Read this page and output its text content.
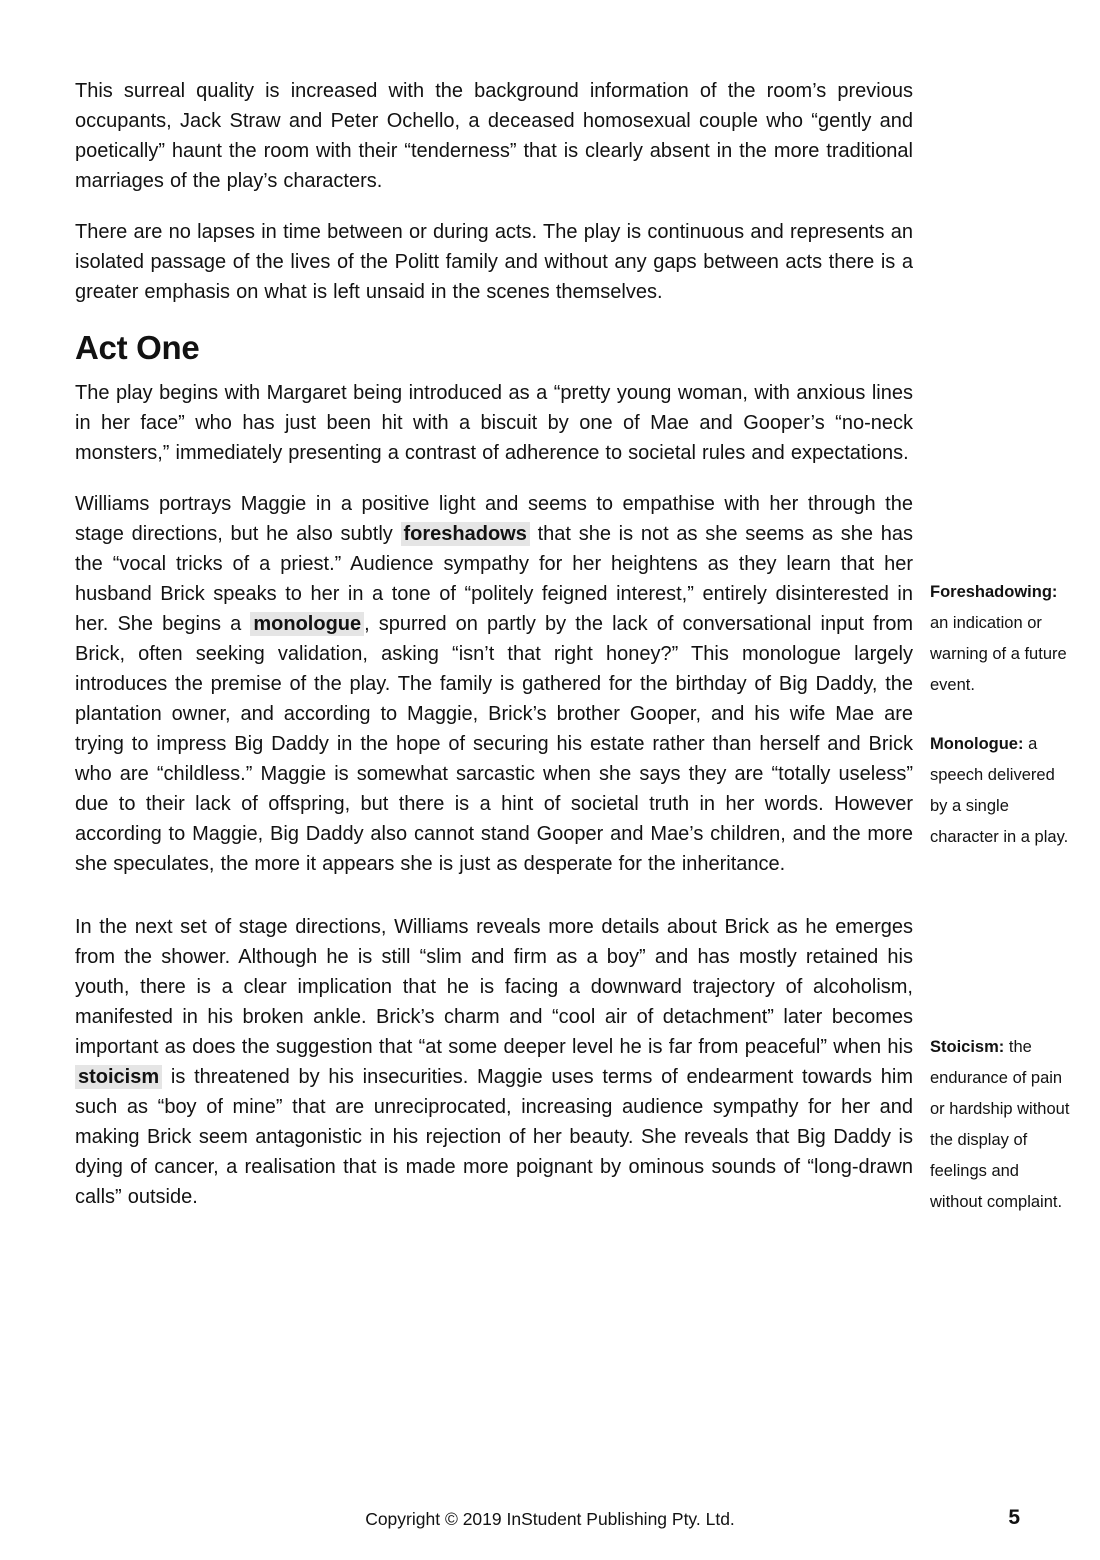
This surreal quality is increased with the background information of the room’s previous occupants, Jack Straw and Peter Ochello, a deceased homosexual couple who “gently and poetically” haunt the room with their “tenderness” that is clearly absent in the more traditional marriages of the play’s characters.

There are no lapses in time between or during acts. The play is continuous and represents an isolated passage of the lives of the Politt family and without any gaps between acts there is a greater emphasis on what is left unsaid in the scenes themselves.

Act One

The play begins with Margaret being introduced as a “pretty young woman, with anxious lines in her face” who has just been hit with a biscuit by one of Mae and Gooper’s “no-neck monsters,” immediately presenting a contrast of adherence to societal rules and expectations.

Williams portrays Maggie in a positive light and seems to empathise with her through the stage directions, but he also subtly foreshadows that she is not as she seems as she has the “vocal tricks of a priest.” Audience sympathy for her heightens as they learn that her husband Brick speaks to her in a tone of “politely feigned interest,” entirely disinterested in her. She begins a monologue , spurred on partly by the lack of conversational input from Brick, often seeking validation, asking “isn’t that right honey?” This monologue largely introduces the premise of the play. The family is gathered for the birthday of Big Daddy, the plantation owner, and according to Maggie, Brick’s brother Gooper, and his wife Mae are trying to impress Big Daddy in the hope of securing his estate rather than herself and Brick who are “childless.” Maggie is somewhat sarcastic when she says they are “totally useless” due to their lack of offspring, but there is a hint of societal truth in her words. However according to Maggie, Big Daddy also cannot stand Gooper and Mae’s children, and the more she speculates, the more it appears she is just as desperate for the inheritance.

In the next set of stage directions, Williams reveals more details about Brick as he emerges from the shower. Although he is still “slim and firm as a boy” and has mostly retained his youth, there is a clear implication that he is facing a downward trajectory of alcoholism, manifested in his broken ankle. Brick’s charm and “cool air of detachment” later becomes important as does the suggestion that “at some deeper level he is far from peaceful” when his stoicism is threatened by his insecurities. Maggie uses terms of endearment towards him such as “boy of mine” that are unreciprocated, increasing audience sympathy for her and making Brick seem antagonistic in his rejection of her beauty. She reveals that Big Daddy is dying of cancer, a realisation that is made more poignant by ominous sounds of “long-drawn calls” outside.

Foreshadowing: an indication or warning of a future event.
Monologue: a speech delivered by a single character in a play.
Stoicism: the endurance of pain or hardship without the display of feelings and without complaint.
Copyright © 2019 InStudent Publishing Pty. Ltd.	5
